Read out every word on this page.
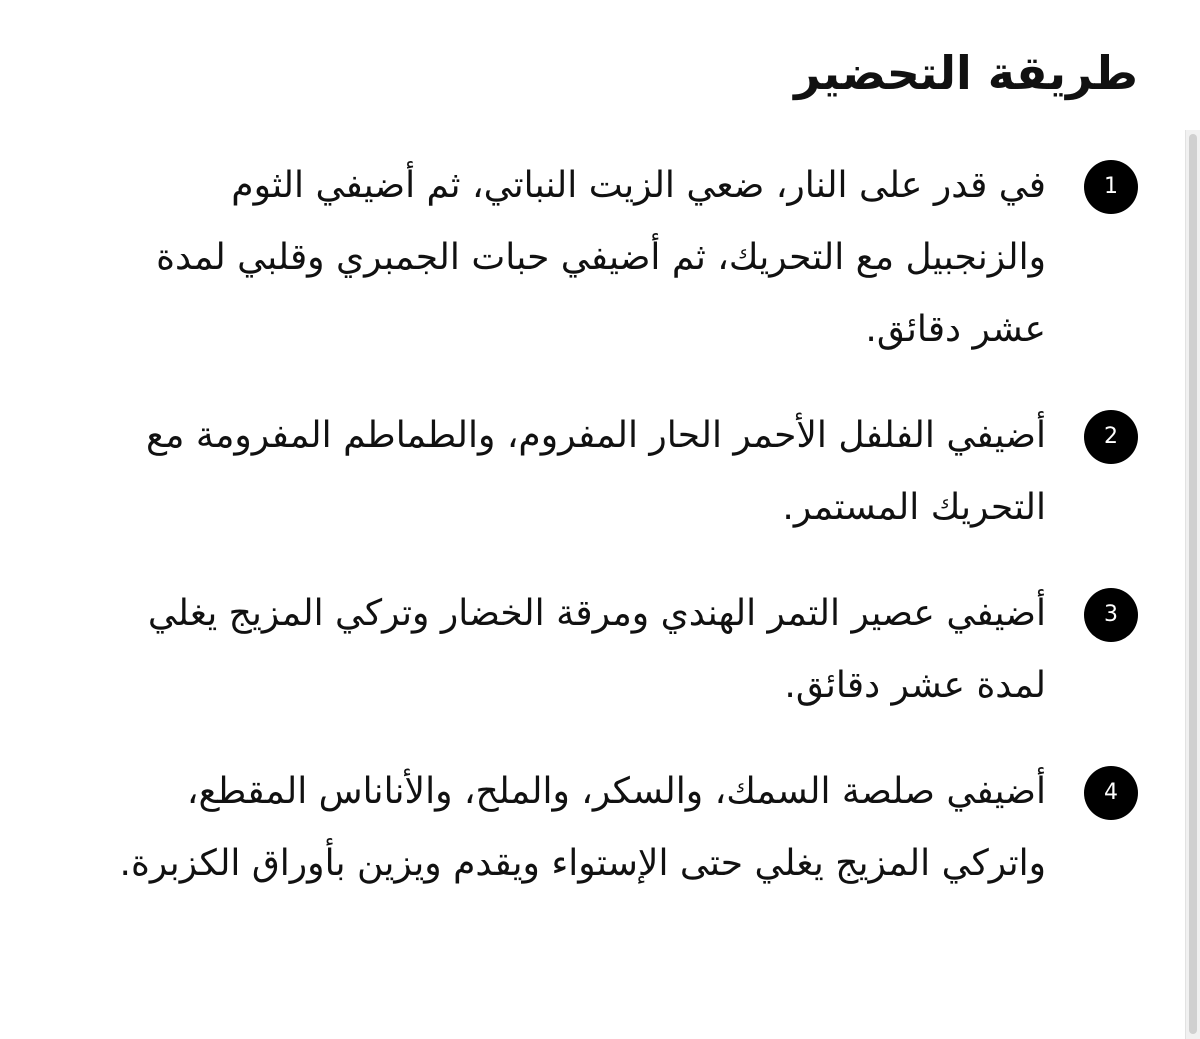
طريقة التحضير
1

في قدر على النار، ضعي الزيت النباتي، ثم أضيفي الثوم والزنجبيل مع التحريك، ثم أضيفي حبات الجمبري وقلبي لمدة عشر دقائق.

2

أضيفي الفلفل الأحمر الحار المفروم، والطماطم المفرومة مع التحريك المستمر.

3

أضيفي عصير التمر الهندي ومرقة الخضار وتركي المزيج يغلي لمدة عشر دقائق.

4

أضيفي صلصة السمك، والسكر، والملح، والأناناس المقطع، واتركي المزيج يغلي حتى الإستواء ويقدم ويزين بأوراق الكزبرة.
